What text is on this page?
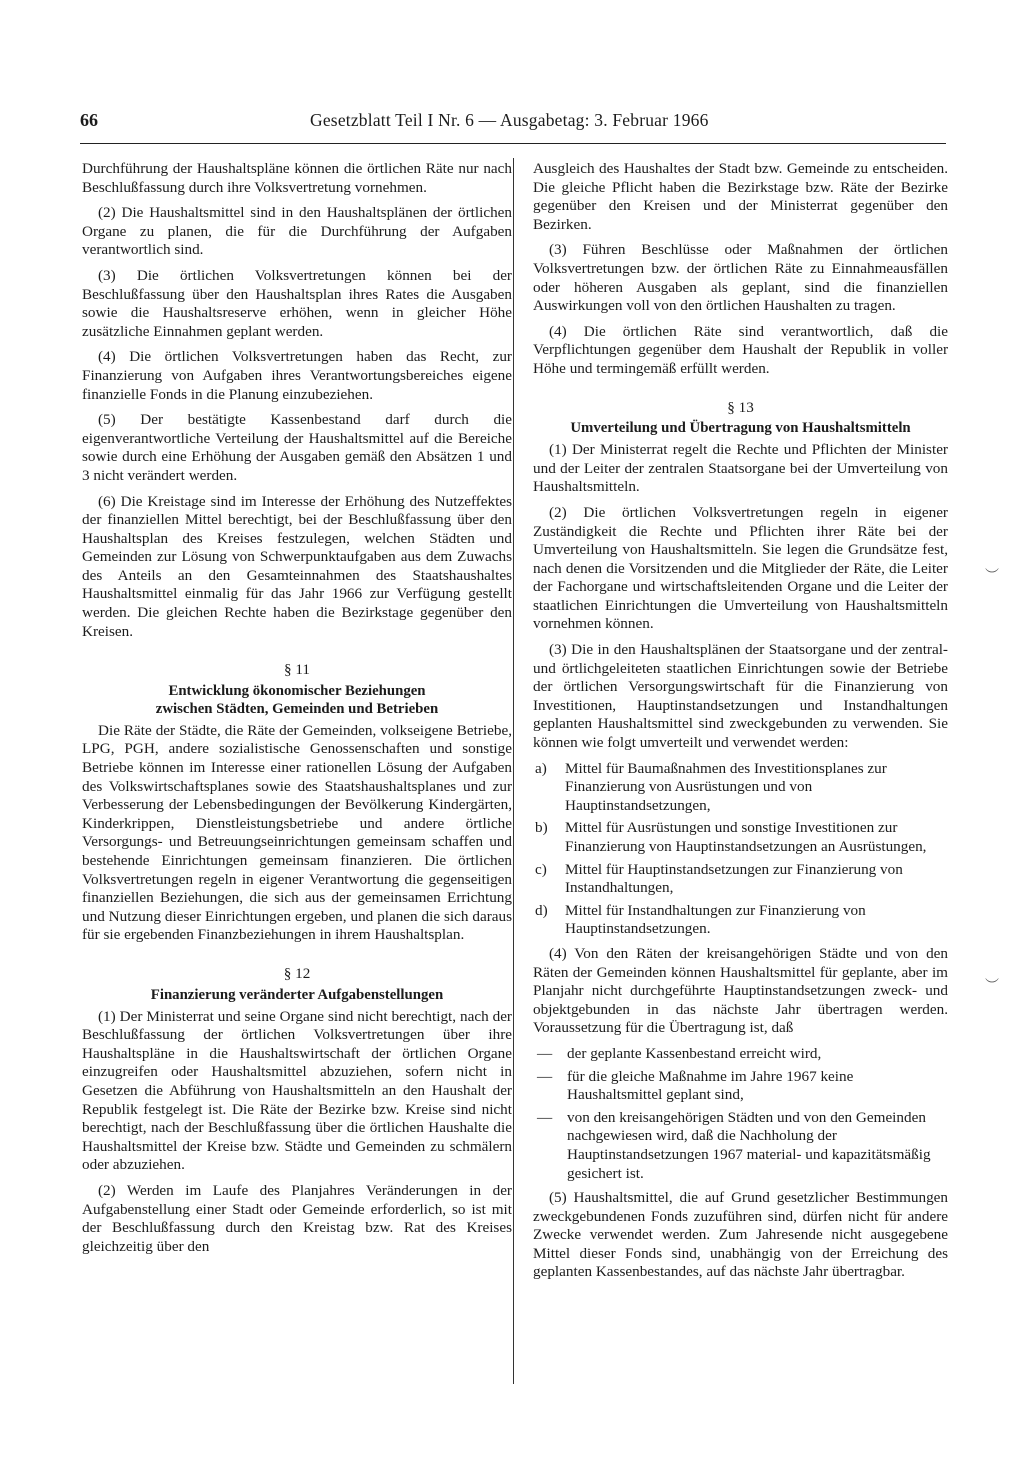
66	Gesetzblatt Teil I Nr. 6 — Ausgabetag: 3. Februar 1966

Durchführung der Haushaltspläne können die örtlichen Räte nur nach Beschlußfassung durch ihre Volksvertretung vornehmen.

(2) Die Haushaltsmittel sind in den Haushaltsplänen der örtlichen Organe zu planen, die für die Durchführung der Aufgaben verantwortlich sind.

(3) Die örtlichen Volksvertretungen können bei der Beschlußfassung über den Haushaltsplan ihres Rates die Ausgaben sowie die Haushaltsreserve erhöhen, wenn in gleicher Höhe zusätzliche Einnahmen geplant werden.

(4) Die örtlichen Volksvertretungen haben das Recht, zur Finanzierung von Aufgaben ihres Verantwortungsbereiches eigene finanzielle Fonds in die Planung einzubeziehen.

(5) Der bestätigte Kassenbestand darf durch die eigenverantwortliche Verteilung der Haushaltsmittel auf die Bereiche sowie durch eine Erhöhung der Ausgaben gemäß den Absätzen 1 und 3 nicht verändert werden.

(6) Die Kreistage sind im Interesse der Erhöhung des Nutzeffektes der finanziellen Mittel berechtigt, bei der Beschlußfassung über den Haushaltsplan des Kreises festzulegen, welchen Städten und Gemeinden zur Lösung von Schwerpunktaufgaben aus dem Zuwachs des Anteils an den Gesamteinnahmen des Staatshaushaltes Haushaltsmittel einmalig für das Jahr 1966 zur Verfügung gestellt werden. Die gleichen Rechte haben die Bezirkstage gegenüber den Kreisen.

§ 11
Entwicklung ökonomischer Beziehungen
zwischen Städten, Gemeinden und Betrieben

Die Räte der Städte, die Räte der Gemeinden, volkseigene Betriebe, LPG, PGH, andere sozialistische Genossenschaften und sonstige Betriebe können im Interesse einer rationellen Lösung der Aufgaben des Volkswirtschaftsplanes sowie des Staatshaushaltsplanes und zur Verbesserung der Lebensbedingungen der Bevölkerung Kindergärten, Kinderkrippen, Dienstleistungsbetriebe und andere örtliche Versorgungs- und Betreuungseinrichtungen gemeinsam schaffen und bestehende Einrichtungen gemeinsam finanzieren. Die örtlichen Volksvertretungen regeln in eigener Verantwortung die gegenseitigen finanziellen Beziehungen, die sich aus der gemeinsamen Errichtung und Nutzung dieser Einrichtungen ergeben, und planen die sich daraus für sie ergebenden Finanzbeziehungen in ihrem Haushaltsplan.

§ 12
Finanzierung veränderter Aufgabenstellungen

(1) Der Ministerrat und seine Organe sind nicht berechtigt, nach der Beschlußfassung der örtlichen Volksvertretungen über ihre Haushaltspläne in die Haushaltswirtschaft der örtlichen Organe einzugreifen oder Haushaltsmittel abzuziehen, sofern nicht in Gesetzen die Abführung von Haushaltsmitteln an den Haushalt der Republik festgelegt ist. Die Räte der Bezirke bzw. Kreise sind nicht berechtigt, nach der Beschlußfassung über die örtlichen Haushalte die Haushaltsmittel der Kreise bzw. Städte und Gemeinden zu schmälern oder abzuziehen.

(2) Werden im Laufe des Planjahres Veränderungen in der Aufgabenstellung einer Stadt oder Gemeinde erforderlich, so ist mit der Beschlußfassung durch den Kreistag bzw. Rat des Kreises gleichzeitig über den

Ausgleich des Haushaltes der Stadt bzw. Gemeinde zu entscheiden. Die gleiche Pflicht haben die Bezirkstage bzw. Räte der Bezirke gegenüber den Kreisen und der Ministerrat gegenüber den Bezirken.

(3) Führen Beschlüsse oder Maßnahmen der örtlichen Volksvertretungen bzw. der örtlichen Räte zu Einnahmeausfällen oder höheren Ausgaben als geplant, sind die finanziellen Auswirkungen voll von den örtlichen Haushalten zu tragen.

(4) Die örtlichen Räte sind verantwortlich, daß die Verpflichtungen gegenüber dem Haushalt der Republik in voller Höhe und termingemäß erfüllt werden.

§ 13
Umverteilung und Übertragung von Haushaltsmitteln

(1) Der Ministerrat regelt die Rechte und Pflichten der Minister und der Leiter der zentralen Staatsorgane bei der Umverteilung von Haushaltsmitteln.

(2) Die örtlichen Volksvertretungen regeln in eigener Zuständigkeit die Rechte und Pflichten ihrer Räte bei der Umverteilung von Haushaltsmitteln. Sie legen die Grundsätze fest, nach denen die Vorsitzenden und die Mitglieder der Räte, die Leiter der Fachorgane und wirtschaftsleitenden Organe und die Leiter der staatlichen Einrichtungen die Umverteilung von Haushaltsmitteln vornehmen können.

(3) Die in den Haushaltsplänen der Staatsorgane und der zentral- und örtlichgeleiteten staatlichen Einrichtungen sowie der Betriebe der örtlichen Versorgungswirtschaft für die Finanzierung von Investitionen, Hauptinstandsetzungen und Instandhaltungen geplanten Haushaltsmittel sind zweckgebunden zu verwenden. Sie können wie folgt umverteilt und verwendet werden:

a)	Mittel für Baumaßnahmen des Investitionsplanes zur Finanzierung von Ausrüstungen und von Hauptinstandsetzungen,
b)	Mittel für Ausrüstungen und sonstige Investitionen zur Finanzierung von Hauptinstandsetzungen an Ausrüstungen,
c)	Mittel für Hauptinstandsetzungen zur Finanzierung von Instandhaltungen,
d)	Mittel für Instandhaltungen zur Finanzierung von Hauptinstandsetzungen.

(4) Von den Räten der kreisangehörigen Städte und von den Räten der Gemeinden können Haushaltsmittel für geplante, aber im Planjahr nicht durchgeführte Hauptinstandsetzungen zweck- und objektgebunden in das nächste Jahr übertragen werden. Voraussetzung für die Übertragung ist, daß

— der geplante Kassenbestand erreicht wird,
— für die gleiche Maßnahme im Jahre 1967 keine Haushaltsmittel geplant sind,
— von den kreisangehörigen Städten und von den Gemeinden nachgewiesen wird, daß die Nachholung der Hauptinstandsetzungen 1967 material- und kapazitätsmäßig gesichert ist.

(5) Haushaltsmittel, die auf Grund gesetzlicher Bestimmungen zweckgebundenen Fonds zuzuführen sind, dürfen nicht für andere Zwecke verwendet werden. Zum Jahresende nicht ausgegebene Mittel dieser Fonds sind, unabhängig von der Erreichung des geplanten Kassenbestandes, auf das nächste Jahr übertragbar.

︶
︶
